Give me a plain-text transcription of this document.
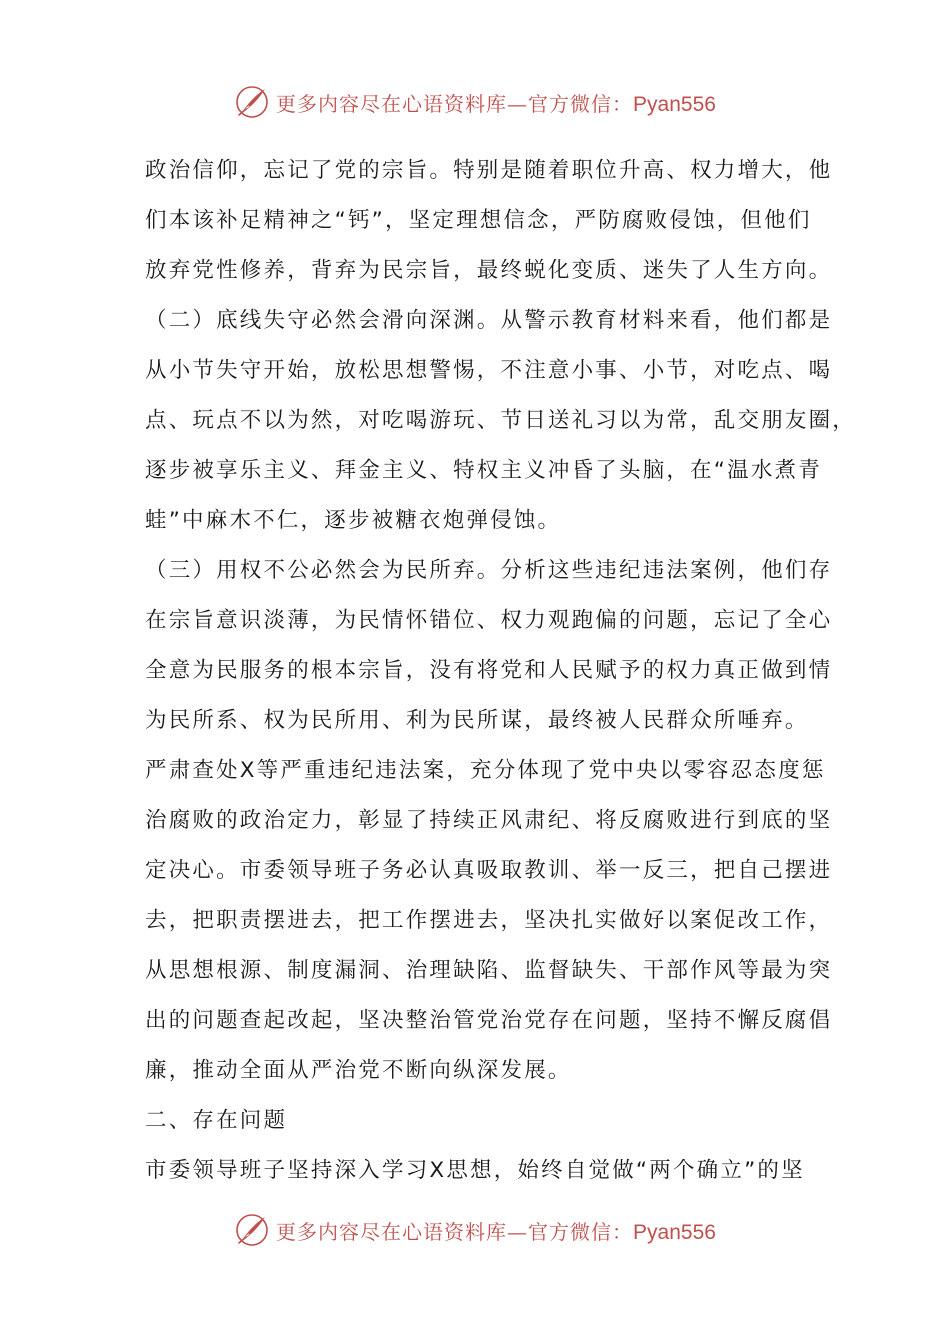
更多内容尽在心语资料库—官方微信：Pyan556
政治信仰，忘记了党的宗旨。特别是随着职位升高、权力增大，他
们本该补足精神之“钙”，坚定理想信念，严防腐败侵蚀，但他们
放弃党性修养，背弃为民宗旨，最终蜕化变质、迷失了人生方向。
（二）底线失守必然会滑向深渊。从警示教育材料来看，他们都是
从小节失守开始，放松思想警惕，不注意小事、小节，对吃点、喝
点、玩点不以为然，对吃喝游玩、节日送礼习以为常，乱交朋友圈，
逐步被享乐主义、拜金主义、特权主义冲昏了头脑，在“温水煮青
蛙”中麻木不仁，逐步被糖衣炮弹侵蚀。
（三）用权不公必然会为民所弃。分析这些违纪违法案例，他们存
在宗旨意识淡薄，为民情怀错位、权力观跑偏的问题，忘记了全心
全意为民服务的根本宗旨，没有将党和人民赋予的权力真正做到情
为民所系、权为民所用、利为民所谋，最终被人民群众所唾弃。
严肃查处X等严重违纪违法案，充分体现了党中央以零容忍态度惩
治腐败的政治定力，彰显了持续正风肃纪、将反腐败进行到底的坚
定决心。市委领导班子务必认真吸取教训、举一反三，把自己摆进
去，把职责摆进去，把工作摆进去，坚决扎实做好以案促改工作，
从思想根源、制度漏洞、治理缺陷、监督缺失、干部作风等最为突
出的问题查起改起，坚决整治管党治党存在问题，坚持不懈反腐倡
廉，推动全面从严治党不断向纵深发展。
二、存在问题
市委领导班子坚持深入学习X思想，始终自觉做“两个确立”的坚
更多内容尽在心语资料库—官方微信：Pyan556
